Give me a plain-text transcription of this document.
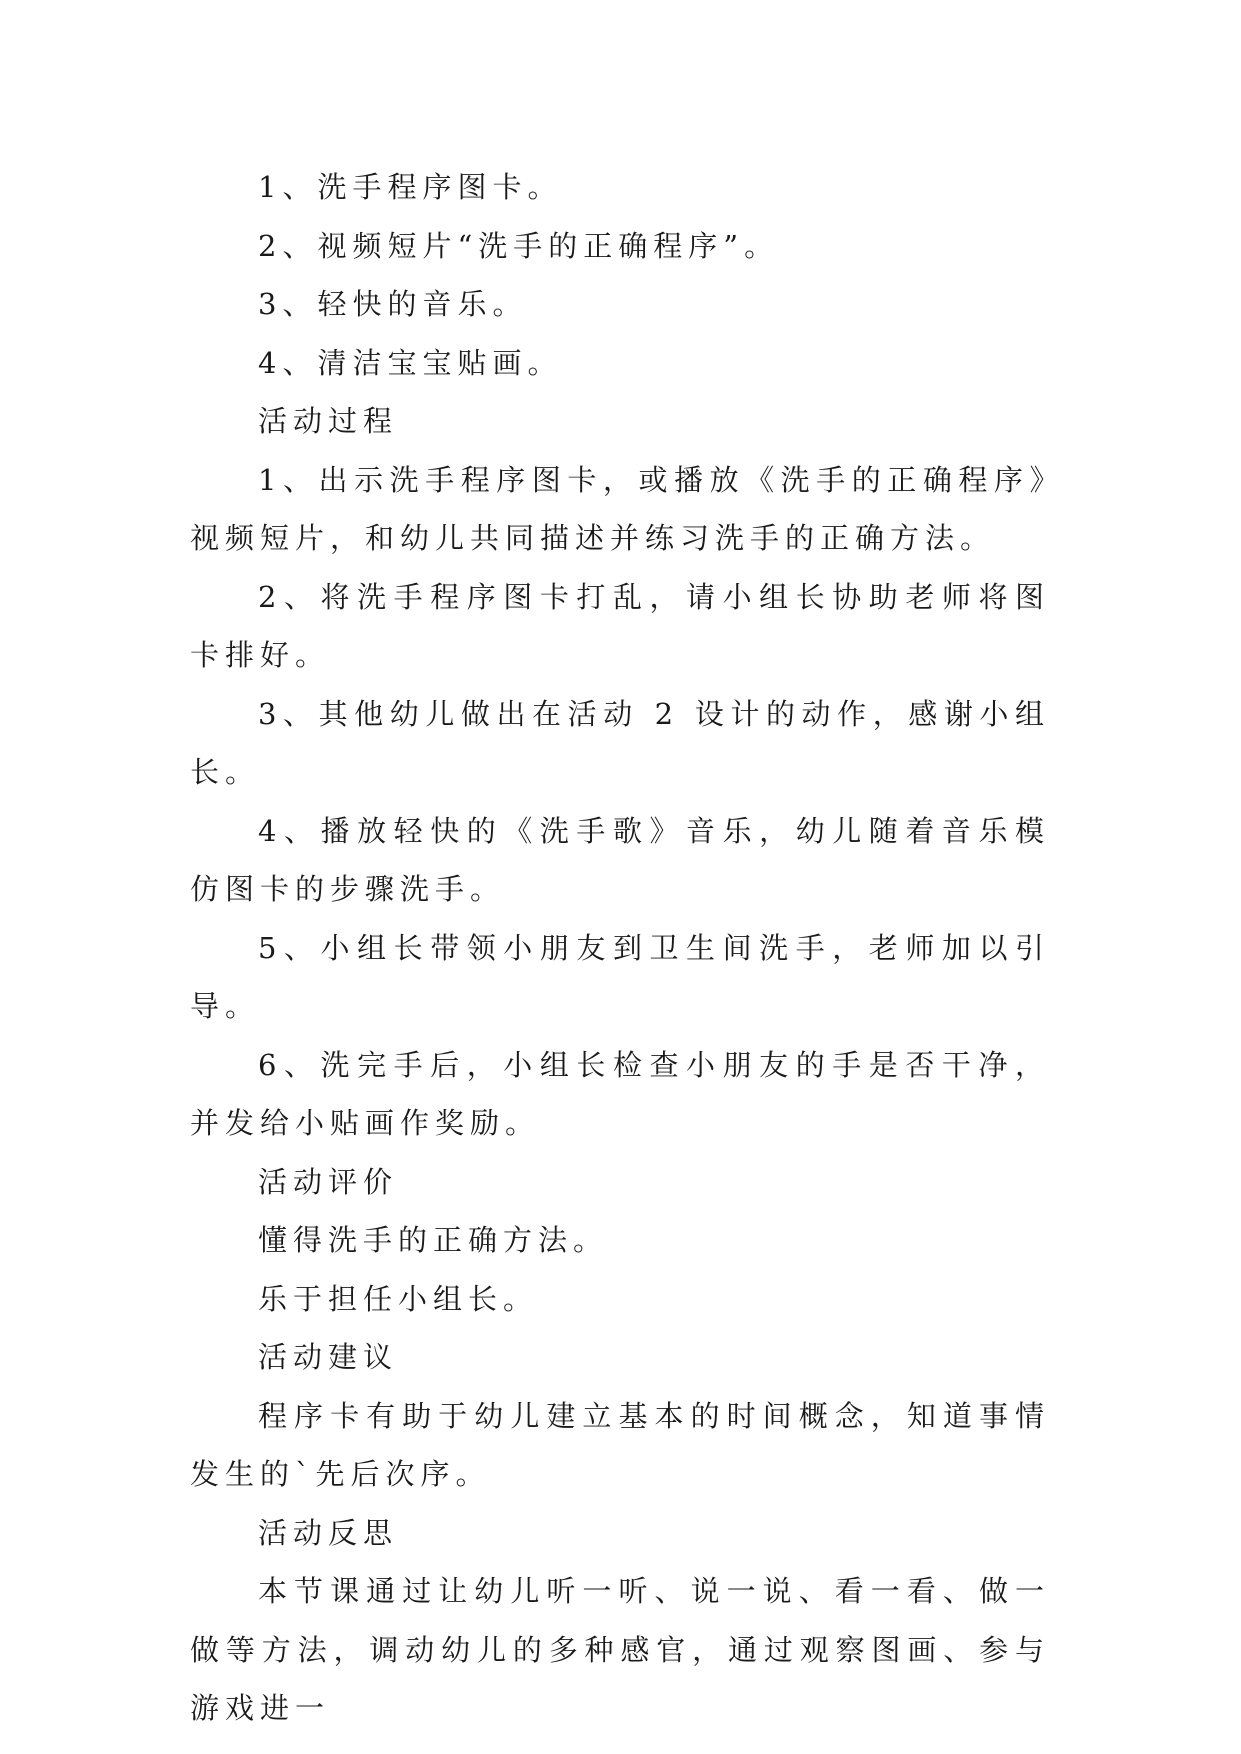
1、洗手程序图卡。

2、视频短片“洗手的正确程序”。

3、轻快的音乐。

4、清洁宝宝贴画。

活动过程

1、出示洗手程序图卡，或播放《洗手的正确程序》视频短片，和幼儿共同描述并练习洗手的正确方法。

2、将洗手程序图卡打乱，请小组长协助老师将图卡排好。

3、其他幼儿做出在活动 2 设计的动作，感谢小组长。

4、播放轻快的《洗手歌》音乐，幼儿随着音乐模仿图卡的步骤洗手。

5、小组长带领小朋友到卫生间洗手，老师加以引导。

6、洗完手后，小组长检查小朋友的手是否干净，并发给小贴画作奖励。

活动评价

懂得洗手的正确方法。

乐于担任小组长。

活动建议

程序卡有助于幼儿建立基本的时间概念，知道事情发生的`先后次序。

活动反思

本节课通过让幼儿听一听、说一说、看一看、做一做等方法，调动幼儿的多种感官，通过观察图画、参与游戏进一
